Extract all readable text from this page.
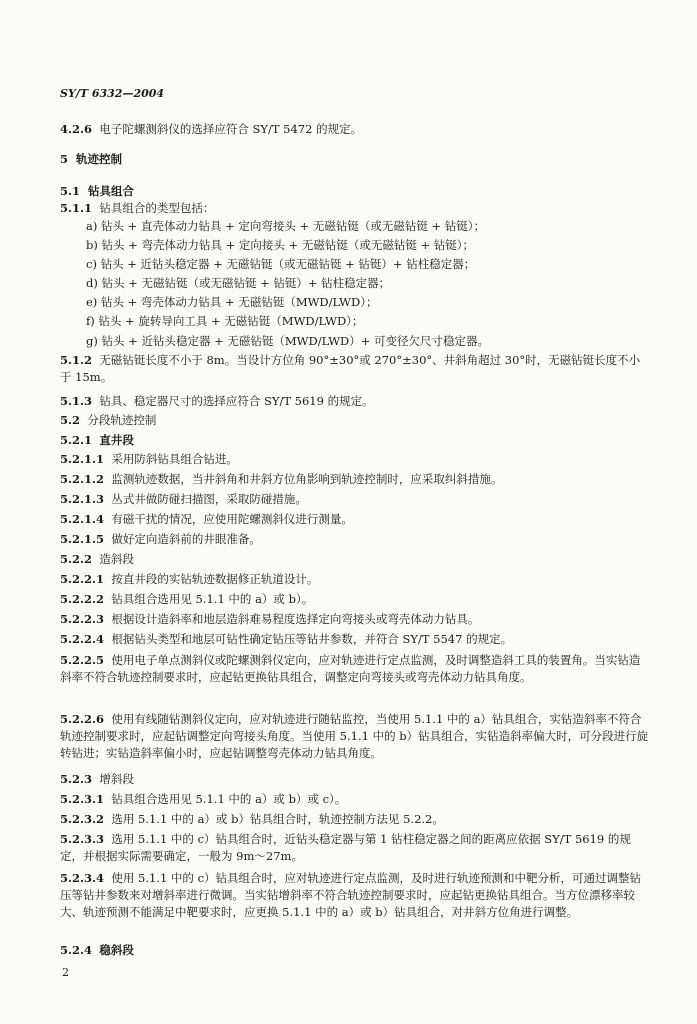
SY/T 6332—2004
4.2.6 电子陀螺测斜仪的选择应符合 SY/T 5472 的规定。
5 轨迹控制
5.1 钻具组合
5.1.1 钻具组合的类型包括：
a) 钻头 + 直壳体动力钻具 + 定向弯接头 + 无磁钻铤（或无磁钻铤 + 钻铤）；
b) 钻头 + 弯壳体动力钻具 + 定向接头 + 无磁钻铤（或无磁钻铤 + 钻铤）；
c) 钻头 + 近钻头稳定器 + 无磁钻铤（或无磁钻铤 + 钻铤）+ 钻柱稳定器；
d) 钻头 + 无磁钻铤（或无磁钻铤 + 钻铤）+ 钻柱稳定器；
e) 钻头 + 弯壳体动力钻具 + 无磁钻铤（MWD/LWD）；
f) 钻头 + 旋转导向工具 + 无磁钻铤（MWD/LWD）；
g) 钻头 + 近钻头稳定器 + 无磁钻铤（MWD/LWD）+ 可变径欠尺寸稳定器。
5.1.2 无磁钻铤长度不小于 8m。当设计方位角 90°±30°或 270°±30°、井斜角超过 30°时，无磁钻铤长度不小于 15m。
5.1.3 钻具、稳定器尺寸的选择应符合 SY/T 5619 的规定。
5.2 分段轨迹控制
5.2.1 直井段
5.2.1.1 采用防斜钻具组合钻进。
5.2.1.2 监测轨迹数据，当井斜角和井斜方位角影响到轨迹控制时，应采取纠斜措施。
5.2.1.3 丛式井做防碰扫描图，采取防碰措施。
5.2.1.4 有磁干扰的情况，应使用陀螺测斜仪进行测量。
5.2.1.5 做好定向造斜前的井眼准备。
5.2.2 造斜段
5.2.2.1 按直井段的实钻轨迹数据修正轨道设计。
5.2.2.2 钻具组合选用见 5.1.1 中的 a）或 b）。
5.2.2.3 根据设计造斜率和地层造斜难易程度选择定向弯接头或弯壳体动力钻具。
5.2.2.4 根据钻头类型和地层可钻性确定钻压等钻井参数，并符合 SY/T 5547 的规定。
5.2.2.5 使用电子单点测斜仪或陀螺测斜仪定向，应对轨迹进行定点监测，及时调整造斜工具的装置角。当实钻造斜率不符合轨迹控制要求时，应起钻更换钻具组合，调整定向弯接头或弯壳体动力钻具角度。
5.2.2.6 使用有线随钻测斜仪定向，应对轨迹进行随钻监控，当使用 5.1.1 中的 a）钻具组合，实钻造斜率不符合轨迹控制要求时，应起钻调整定向弯接头角度。当使用 5.1.1 中的 b）钻具组合，实钻造斜率偏大时，可分段进行旋转钻进；实钻造斜率偏小时，应起钻调整弯壳体动力钻具角度。
5.2.3 增斜段
5.2.3.1 钻具组合选用见 5.1.1 中的 a）或 b）或 c）。
5.2.3.2 选用 5.1.1 中的 a）或 b）钻具组合时，轨迹控制方法见 5.2.2。
5.2.3.3 选用 5.1.1 中的 c）钻具组合时，近钻头稳定器与第 1 钻柱稳定器之间的距离应依据 SY/T 5619 的规定，并根据实际需要确定，一般为 9m～27m。
5.2.3.4 使用 5.1.1 中的 c）钻具组合时，应对轨迹进行定点监测，及时进行轨迹预测和中靶分析，可通过调整钻压等钻井参数来对增斜率进行微调。当实钻增斜率不符合轨迹控制要求时，应起钻更换钻具组合。当方位漂移率较大、轨迹预测不能满足中靶要求时，应更换 5.1.1 中的 a）或 b）钻具组合，对井斜方位角进行调整。
5.2.4 稳斜段
2
